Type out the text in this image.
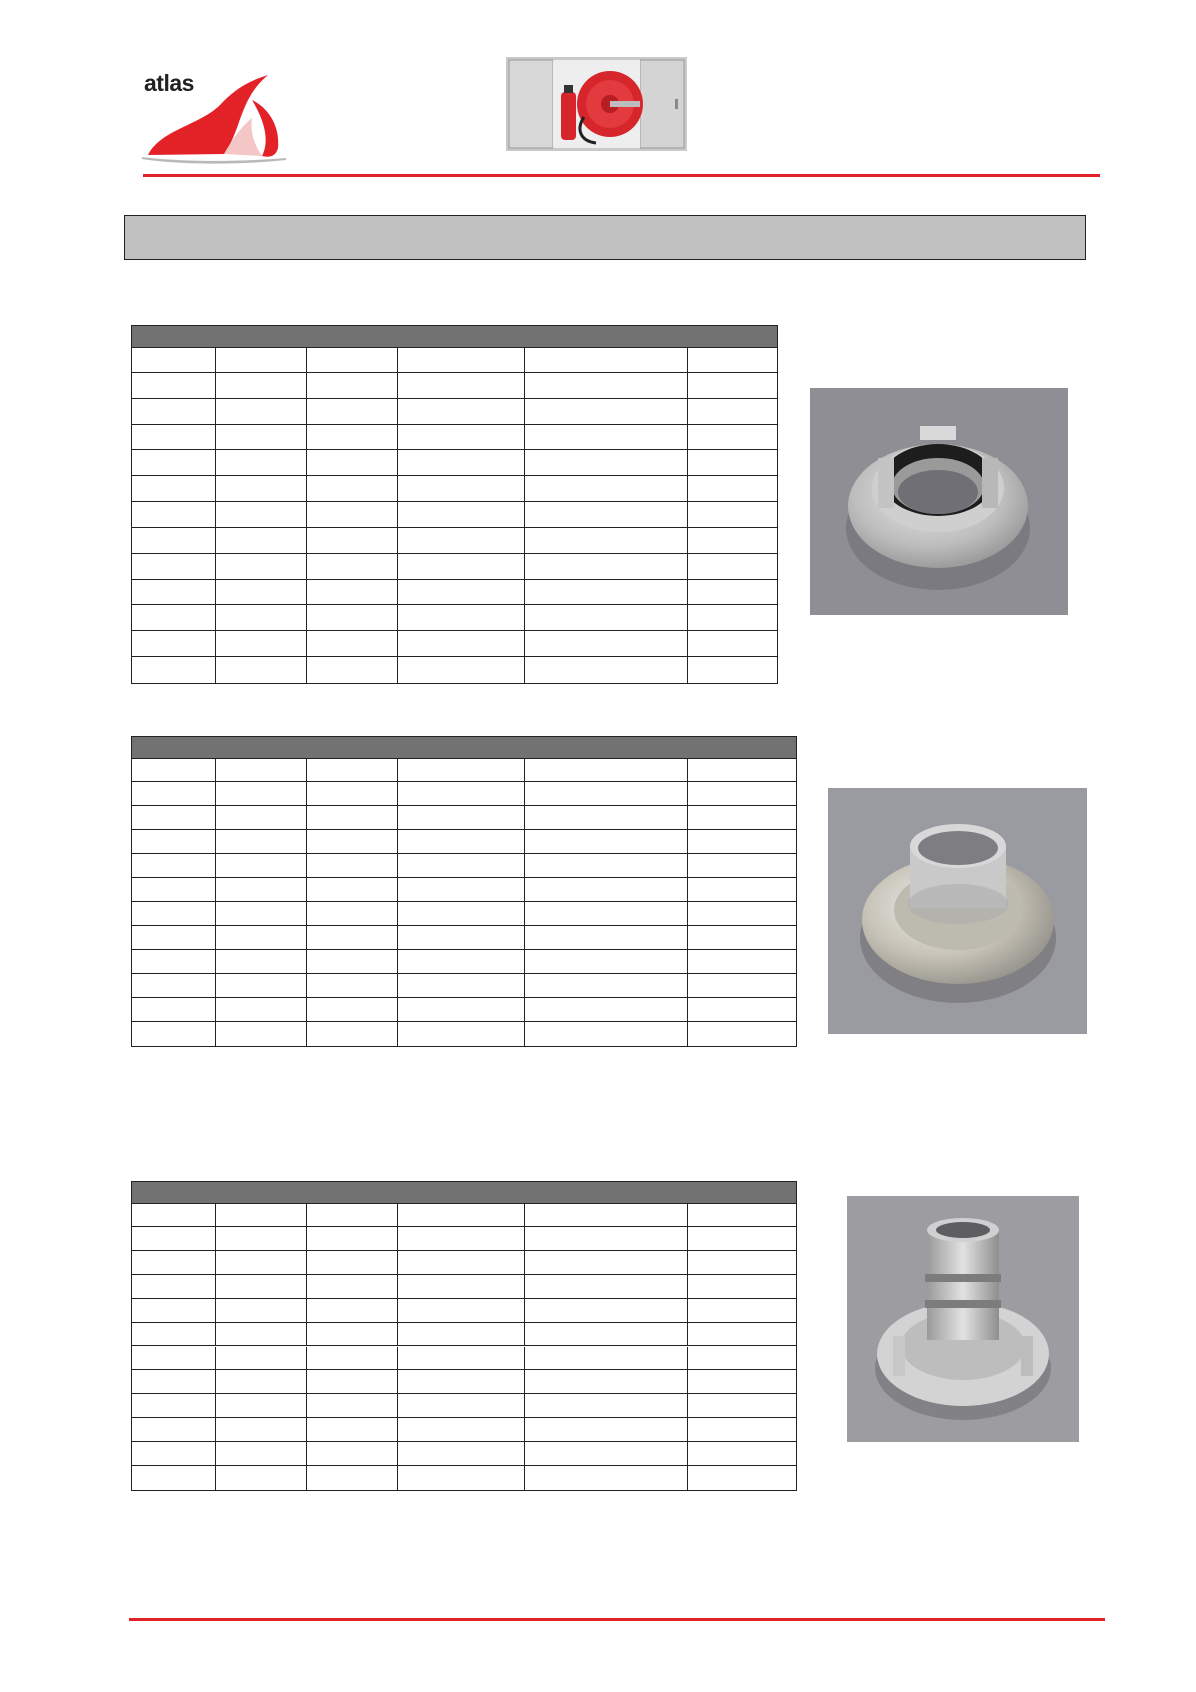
atlas
